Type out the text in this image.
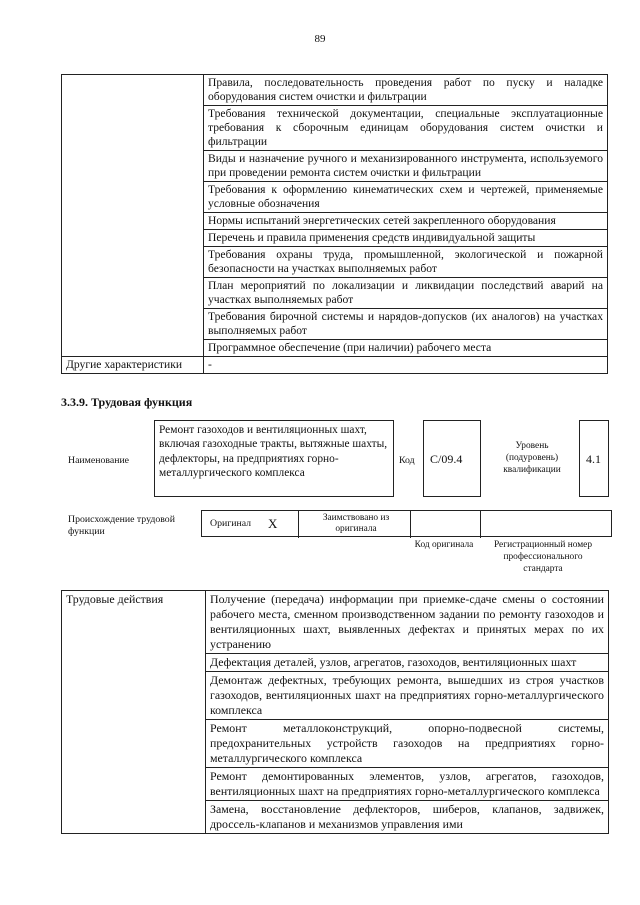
89
	Правила, последовательность проведения работ по пуску и наладке оборудования систем очистки и фильтрации
	Требования технической документации, специальные эксплуатационные требования к сборочным единицам оборудования систем очистки и фильтрации
	Виды и назначение ручного и механизированного инструмента, используемого при проведении ремонта систем очистки и фильтрации
	Требования к оформлению кинематических схем и чертежей, применяемые условные обозначения
	Нормы испытаний энергетических сетей закрепленного оборудования
	Перечень и правила применения средств индивидуальной защиты
	Требования охраны труда, промышленной, экологической и пожарной безопасности на участках выполняемых работ
	План мероприятий по локализации и ликвидации последствий аварий на участках выполняемых работ
	Требования бирочной системы и нарядов-допусков (их аналогов) на участках выполняемых работ
	Программное обеспечение (при наличии) рабочего места
Другие характеристики	-
3.3.9. Трудовая функция
Наименование
Ремонт газоходов и вентиляционных шахт, включая газоходные тракты, вытяжные шахты, дефлекторы, на предприятиях горно-металлургического комплекса
Код С/09.4
Уровень (подуровень) квалификации
4.1
Происхождение трудовой функции
Оригинал X	Заимствовано из оригинала
Код оригинала	Регистрационный номер профессионального стандарта
Трудовые действия	Получение (передача) информации при приемке-сдаче смены о состоянии рабочего места, сменном производственном задании по ремонту газоходов и вентиляционных шахт, выявленных дефектах и принятых мерах по их устранению
Дефектация деталей, узлов, агрегатов, газоходов, вентиляционных шахт
Демонтаж дефектных, требующих ремонта, вышедших из строя участков газоходов, вентиляционных шахт на предприятиях горно-металлургического комплекса
Ремонт металлоконструкций, опорно-подвесной системы, предохранительных устройств газоходов на предприятиях горно-металлургического комплекса
Ремонт демонтированных элементов, узлов, агрегатов, газоходов, вентиляционных шахт на предприятиях горно-металлургического комплекса
Замена, восстановление дефлекторов, шиберов, клапанов, задвижек, дроссель-клапанов и механизмов управления ими
